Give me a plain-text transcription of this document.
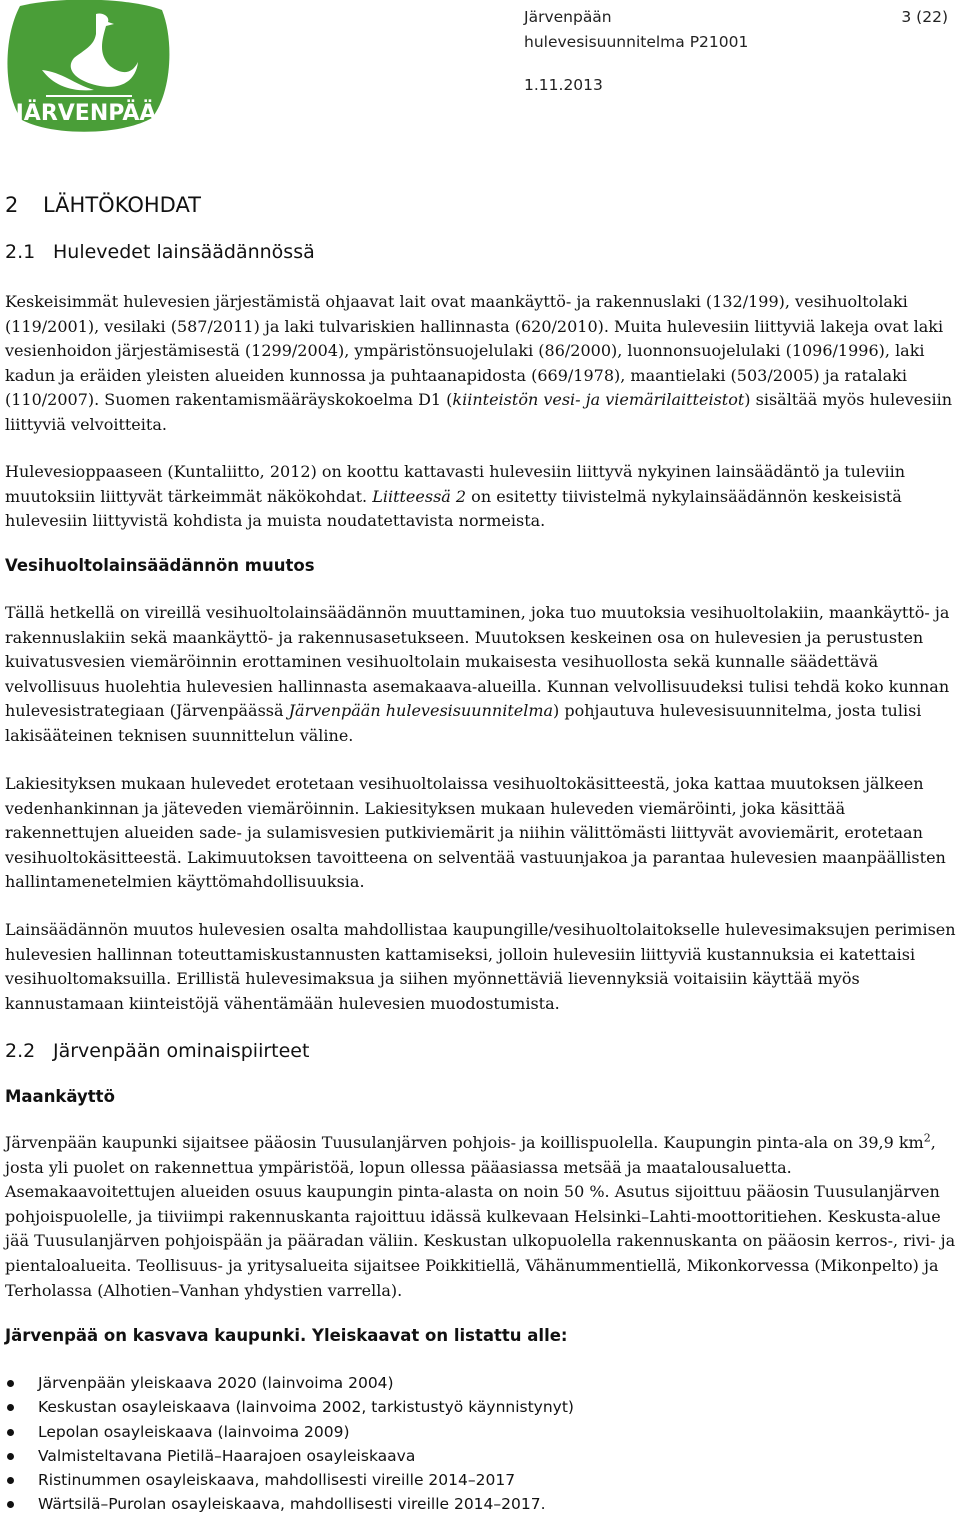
JÄRVENPÄÄ
Järvenpään
hulevesisuunnitelma P21001
1.11.2013
3 (22)
2 LÄHTÖKOHDAT
2.1 Hulevedet lainsäädännössä

Keskeisimmät hulevesien järjestämistä ohjaavat lait ovat maankäyttö- ja rakennuslaki (132/199), vesihuoltolaki (119/2001), vesilaki (587/2011) ja laki tulvariskien hallinnasta (620/2010). Muita hulevesiin liittyviä lakeja ovat laki vesienhoidon järjestämisestä (1299/2004), ympäristönsuojelulaki (86/2000), luonnonsuojelulaki (1096/1996), laki kadun ja eräiden yleisten alueiden kunnossa ja puhtaanapidosta (669/1978), maantielaki (503/2005) ja ratalaki (110/2007). Suomen rakentamismääräyskokoelma D1 (kiinteistön vesi- ja viemärilaitteistot) sisältää myös hulevesiin liittyviä velvoitteita.

Hulevesioppaaseen (Kuntaliitto, 2012) on koottu kattavasti hulevesiin liittyvä nykyinen lainsäädäntö ja tuleviin muutoksiin liittyvät tärkeimmät näkökohdat. Liitteessä 2 on esitetty tiivistelmä nykylainsäädännön keskeisistä hulevesiin liittyvistä kohdista ja muista noudatettavista normeista.

Vesihuoltolainsäädännön muutos

Tällä hetkellä on vireillä vesihuoltolainsäädännön muuttaminen, joka tuo muutoksia vesihuoltolakiin, maankäyttö- ja rakennuslakiin sekä maankäyttö- ja rakennusasetukseen. Muutoksen keskeinen osa on hulevesien ja perustusten kuivatusvesien viemäröinnin erottaminen vesihuoltolain mukaisesta vesihuollosta sekä kunnalle säädettävä velvollisuus huolehtia hulevesien hallinnasta asemakaava-alueilla. Kunnan velvollisuudeksi tulisi tehdä koko kunnan hulevesistrategiaan (Järvenpäässä Järvenpään hulevesisuunnitelma) pohjautuva hulevesisuunnitelma, josta tulisi lakisääteinen teknisen suunnittelun väline.

Lakiesityksen mukaan hulevedet erotetaan vesihuoltolaissa vesihuoltokäsitteestä, joka kattaa muutoksen jälkeen vedenhankinnan ja jäteveden viemäröinnin. Lakiesityksen mukaan huleveden viemäröinti, joka käsittää rakennettujen alueiden sade- ja sulamisvesien putkiviemärit ja niihin välittömästi liittyvät avoviemärit, erotetaan vesihuoltokäsitteestä. Lakimuutoksen tavoitteena on selventää vastuunjakoa ja parantaa hulevesien maanpäällisten hallintamenetelmien käyttömahdollisuuksia.

Lainsäädännön muutos hulevesien osalta mahdollistaa kaupungille/vesihuoltolaitokselle hulevesimaksujen perimisen hulevesien hallinnan toteuttamiskustannusten kattamiseksi, jolloin hulevesiin liittyviä kustannuksia ei katettaisi vesihuoltomaksuilla. Erillistä hulevesimaksua ja siihen myönnettäviä lievennyksiä voitaisiin käyttää myös kannustamaan kiinteistöjä vähentämään hulevesien muodostumista.

2.2 Järvenpään ominaispiirteet
Maankäyttö

Järvenpään kaupunki sijaitsee pääosin Tuusulanjärven pohjois- ja koillispuolella. Kaupungin pinta-ala on 39,9 $km^2$, josta yli puolet on rakennettua ympäristöä, lopun ollessa pääasiassa metsää ja maatalousaluetta. Asemakaavoitettujen alueiden osuus kaupungin pinta-alasta on noin 50 %. Asutus sijoittuu pääosin Tuusulanjärven pohjoispuolelle, ja tiiviimpi rakennuskanta rajoittuu idässä kulkevaan Helsinki–Lahti-moottoritiehen. Keskusta-alue jää Tuusulanjärven pohjoispään ja pääradan väliin. Keskustan ulkopuolella rakennuskanta on pääosin kerros-, rivi- ja pientaloalueita. Teollisuus- ja yritysalueita sijaitsee Poikkitiellä, Vähänummentiellä, Mikonkorvessa (Mikonpelto) ja Terholassa (Alhotien–Vanhan yhdystien varrella).

Järvenpää on kasvava kaupunki. Yleiskaavat on listattu alle:
Järvenpään yleiskaava 2020 (lainvoima 2004)
Keskustan osayleiskaava (lainvoima 2002, tarkistustyö käynnistynyt)
Lepolan osayleiskaava (lainvoima 2009)
Valmisteltavana Pietilä–Haarajoen osayleiskaava
Ristinummen osayleiskaava, mahdollisesti vireille 2014–2017
Wärtsilä–Purolan osayleiskaava, mahdollisesti vireille 2014–2017.
